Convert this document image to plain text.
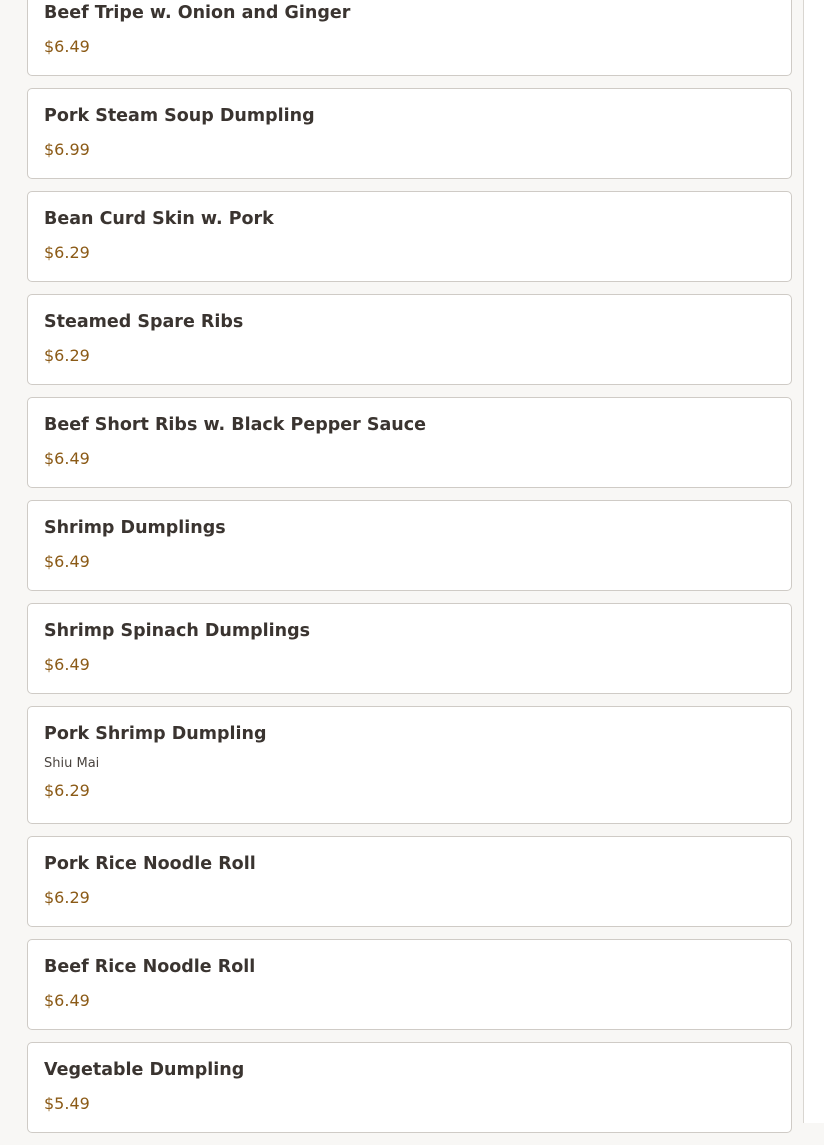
Beef Tripe w. Onion and Ginger
$6.49
Pork Steam Soup Dumpling
$6.99
Bean Curd Skin w. Pork
$6.29
Steamed Spare Ribs
$6.29
Beef Short Ribs w. Black Pepper Sauce
$6.49
Shrimp Dumplings
$6.49
Shrimp Spinach Dumplings
$6.49
Pork Shrimp Dumpling
Shiu Mai
$6.29
Pork Rice Noodle Roll
$6.29
Beef Rice Noodle Roll
$6.49
Vegetable Dumpling
$5.49
